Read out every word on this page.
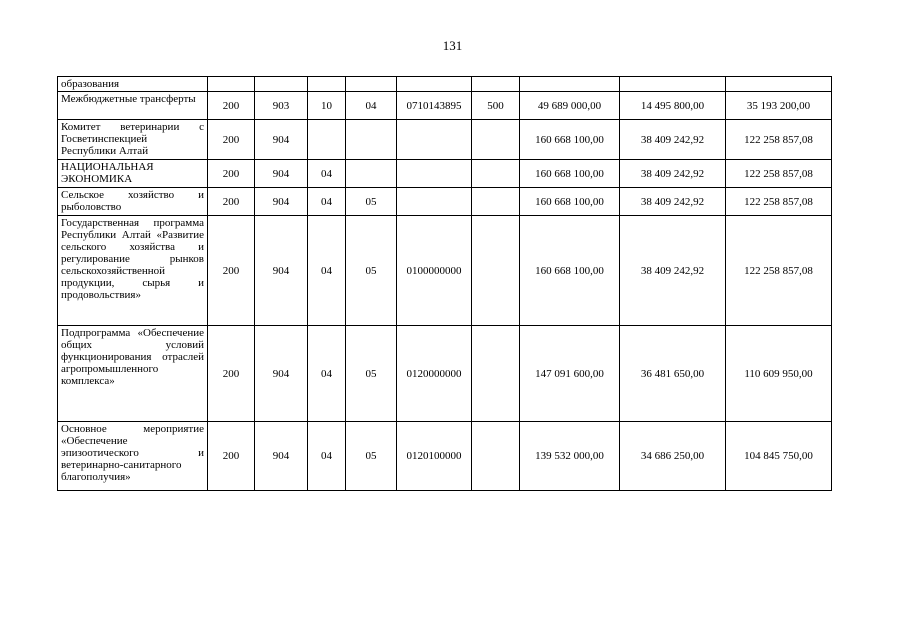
131
образования									
Межбюджетные трансферты	200	903	10	04	0710143895	500	49 689 000,00	14 495 800,00	35 193 200,00
Комитет ветеринарии с Госветинспекцией Республики Алтай	200	904					160 668 100,00	38 409 242,92	122 258 857,08
НАЦИОНАЛЬНАЯ ЭКОНОМИКА	200	904	04				160 668 100,00	38 409 242,92	122 258 857,08
Сельское хозяйство и рыболовство	200	904	04	05			160 668 100,00	38 409 242,92	122 258 857,08
Государственная программа Республики Алтай «Развитие сельского хозяйства и регулирование рынков сельскохозяйственной продукции, сырья и продовольствия»	200	904	04	05	0100000000		160 668 100,00	38 409 242,92	122 258 857,08
Подпрограмма «Обеспечение общих условий функционирования отраслей агропромышленного комплекса»	200	904	04	05	0120000000		147 091 600,00	36 481 650,00	110 609 950,00
Основное мероприятие «Обеспечение эпизоотического и ветеринарно-санитарного благополучия»	200	904	04	05	0120100000		139 532 000,00	34 686 250,00	104 845 750,00
